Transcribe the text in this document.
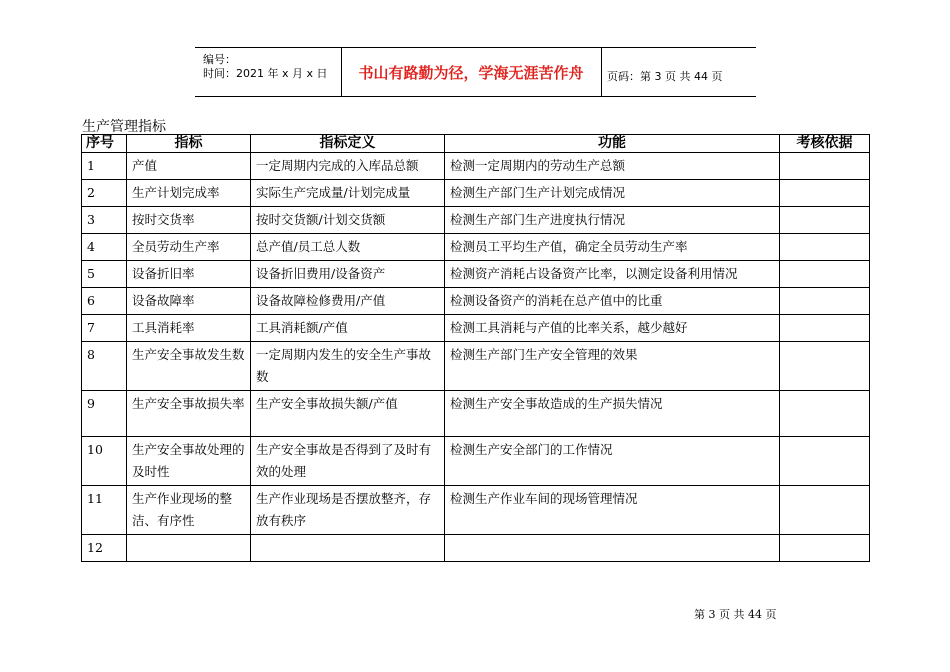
编号：
时间：2021 年 x 月 x 日	书山有路勤为径，学海无涯苦作舟	页码：第 3 页 共 44 页
生产管理指标
序号	指标	指标定义	功能	考核依据
1	产值	一定周期内完成的入库品总额	检测一定周期内的劳动生产总额	
2	生产计划完成率	实际生产完成量/计划完成量	检测生产部门生产计划完成情况	
3	按时交货率	按时交货额/计划交货额	检测生产部门生产进度执行情况	
4	全员劳动生产率	总产值/员工总人数	检测员工平均生产值，确定全员劳动生产率	
5	设备折旧率	设备折旧费用/设备资产	检测资产消耗占设备资产比率，以测定设备利用情况	
6	设备故障率	设备故障检修费用/产值	检测设备资产的消耗在总产值中的比重	
7	工具消耗率	工具消耗额/产值	检测工具消耗与产值的比率关系，越少越好	
8	生产安全事故发生数	一定周期内发生的安全生产事故数	检测生产部门生产安全管理的效果	
9	生产安全事故损失率	生产安全事故损失额/产值	检测生产安全事故造成的生产损失情况	
10	生产安全事故处理的及时性	生产安全事故是否得到了及时有效的处理	检测生产安全部门的工作情况	
11	生产作业现场的整洁、有序性	生产作业现场是否摆放整齐，存放有秩序	检测生产作业车间的现场管理情况	
12				
第 3 页 共 44 页
